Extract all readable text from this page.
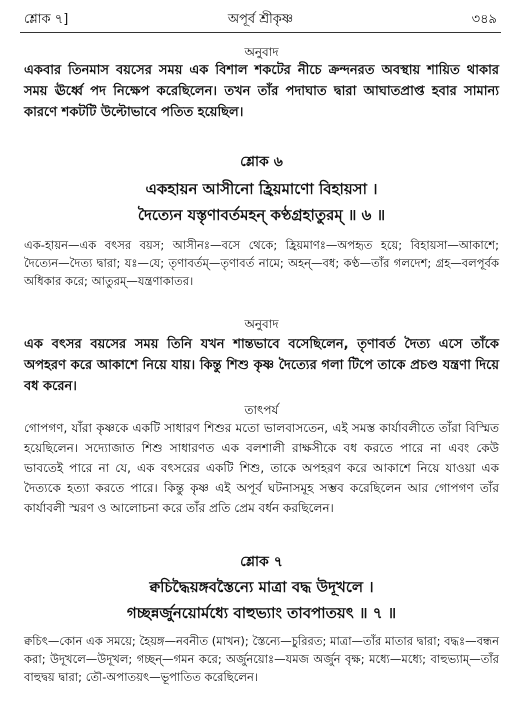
শ্লোক ৭]	অপূর্ব শ্রীকৃষ্ণ	৩৪৯
অনুবাদ
একবার তিনমাস বয়সের সময় এক বিশাল শকটের নীচে ক্রন্দনরত অবস্থায় শায়িত থাকার সময় ঊর্ধ্বে পদ নিক্ষেপ করেছিলেন। তখন তাঁর পদাঘাত দ্বারা আঘাতপ্রাপ্ত হবার সামান্য কারণে শকটটি উল্টোভাবে পতিত হয়েছিল।
শ্লোক ৬
একহায়ন আসীনো হ্রিয়মাণো বিহায়সা ।
দৈত্যেন যস্তৃণাবর্তমহন্ কণ্ঠগ্রহাতুরম্ ॥ ৬ ॥
এক-হায়ন—এক বৎসর বয়স; আসীনঃ—বসে থেকে; হ্রিয়মাণঃ—অপহৃত হয়ে; বিহায়সা—আকাশে; দৈত্যেন—দৈত্য দ্বারা; যঃ—যে; তৃণাবর্তম্—তৃণাবর্ত নামে; অহন্—বধ; কণ্ঠ—তাঁর গলদেশ; গ্রহ—বলপূর্বক অধিকার করে; আতুরম্—যন্ত্রণাকাতর।
অনুবাদ
এক বৎসর বয়সের সময় তিনি যখন শান্তভাবে বসেছিলেন, তৃণাবর্ত দৈত্য এসে তাঁকে অপহরণ করে আকাশে নিয়ে যায়। কিন্তু শিশু কৃষ্ণ দৈত্যের গলা টিপে তাকে প্রচণ্ড যন্ত্রণা দিয়ে বধ করেন।
তাৎপর্য
গোপগণ, যাঁরা কৃষ্ণকে একটি সাধারণ শিশুর মতো ভালবাসতেন, এই সমস্ত কার্যাবলীতে তাঁরা বিস্মিত হয়েছিলেন। সদ্যোজাত শিশু সাধারণত এক বলশালী রাক্ষসীকে বধ করতে পারে না এবং কেউ ভাবতেই পারে না যে, এক বৎসরের একটি শিশু, তাকে অপহরণ করে আকাশে নিয়ে যাওয়া এক দৈত্যকে হত্যা করতে পারে। কিন্তু কৃষ্ণ এই অপূর্ব ঘটনাসমূহ সম্ভব করেছিলেন আর গোপগণ তাঁর কার্যাবলী স্মরণ ও আলোচনা করে তাঁর প্রতি প্রেম বর্ধন করছিলেন।
শ্লোক ৭
ক্বচিদ্ধৈয়ঙ্গবস্তৈন্যে মাত্রা বদ্ধ উদূখলে ।
গচ্ছন্নর্জুনয়োর্মধ্যে বাহুভ্যাং তাবপাতয়ৎ ॥ ৭ ॥
ক্বচিৎ—কোন এক সময়ে; হৈয়ঙ্গ—নবনীত (মাখন); স্তৈন্যে—চুরিরত; মাত্রা—তাঁর মাতার দ্বারা; বদ্ধঃ—বন্ধন করা; উদূখলে—উদূখল; গচ্ছন্—গমন করে; অর্জুনয়োঃ—যমজ অর্জুন বৃক্ষ; মধ্যে—মধ্যে; বাহুভ্যাম্—তাঁর বাহুদ্বয় দ্বারা; তৌ-অপাতয়ৎ—ভূপাতিত করেছিলেন।
